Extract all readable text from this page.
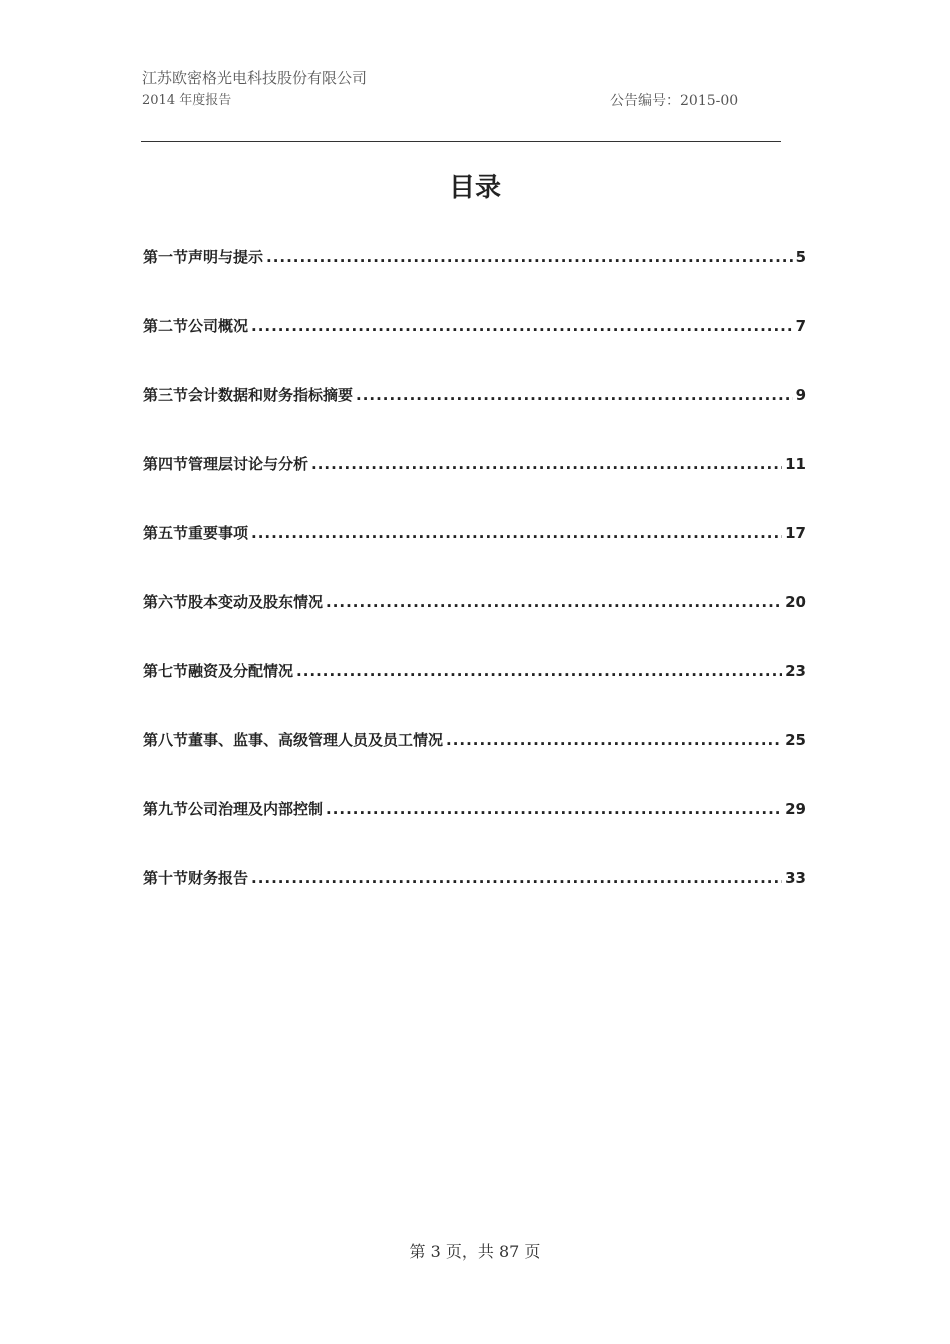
江苏欧密格光电科技股份有限公司
2014 年度报告	公告编号：2015-00
目录
第一节声明与提示 .....	5
第二节公司概况 .....	7
第三节会计数据和财务指标摘要 .....	9
第四节管理层讨论与分析 .....	11
第五节重要事项 .....	17
第六节股本变动及股东情况 .....	20
第七节融资及分配情况 .....	23
第八节董事、监事、高级管理人员及员工情况 .....	25
第九节公司治理及内部控制 .....	29
第十节财务报告 .....	33
第 3 页，共 87 页
